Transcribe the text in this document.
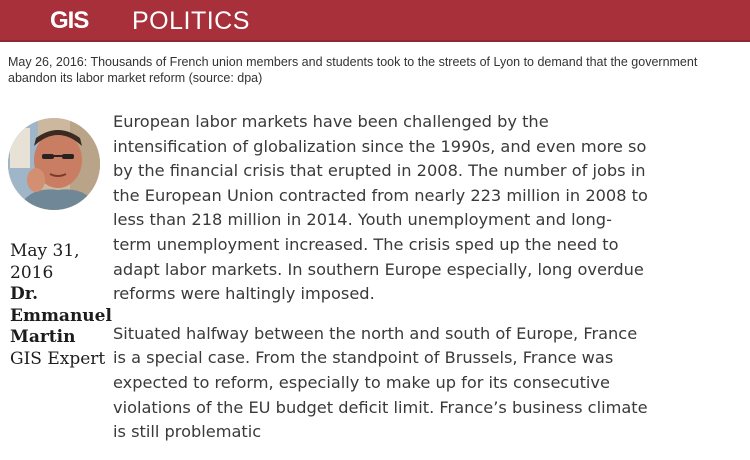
GIS POLITICS
May 26, 2016: Thousands of French union members and students took to the streets of Lyon to demand that the government abandon its labor market reform (source: dpa)
May 31,
2016
Dr.
Emmanuel
Martin
GIS Expert

European labor markets have been challenged by the intensification of globalization since the 1990s, and even more so by the financial crisis that erupted in 2008. The number of jobs in the European Union contracted from nearly 223 million in 2008 to less than 218 million in 2014. Youth unemployment and long-term unemployment increased. The crisis sped up the need to adapt labor markets. In southern Europe especially, long overdue reforms were haltingly imposed.

Situated halfway between the north and south of Europe, France is a special case. From the standpoint of Brussels, France was expected to reform, especially to make up for its consecutive violations of the EU budget deficit limit. France’s business climate is still problematic
